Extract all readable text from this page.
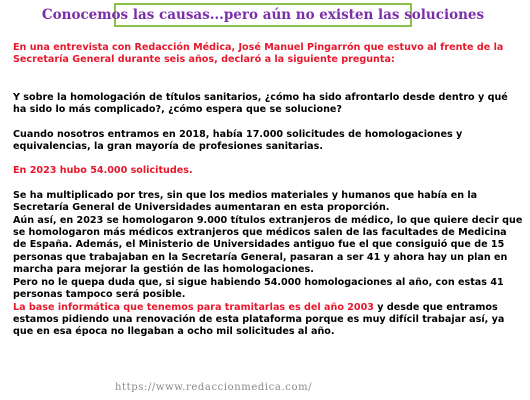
Conocemos las causas...pero aún no existen las soluciones

En una entrevista con Redacción Médica, José Manuel Pingarrón que estuvo al frente de la Secretaría General durante seis años, declaró a la siguiente pregunta:

Y sobre la homologación de títulos sanitarios, ¿cómo ha sido afrontarlo desde dentro y qué ha sido lo más complicado?, ¿cómo espera que se solucione?

Cuando nosotros entramos en 2018, había 17.000 solicitudes de homologaciones y equivalencias, la gran mayoría de profesiones sanitarias.

En 2023 hubo 54.000 solicitudes.

Se ha multiplicado por tres, sin que los medios materiales y humanos que había en la Secretaría General de Universidades aumentaran en esta proporción.

Aún así, en 2023 se homologaron 9.000 títulos extranjeros de médico, lo que quiere decir que se homologaron más médicos extranjeros que médicos salen de las facultades de Medicina de España. Además, el Ministerio de Universidades antiguo fue el que consiguió que de 15 personas que trabajaban en la Secretaría General, pasaran a ser 41 y ahora hay un plan en marcha para mejorar la gestión de las homologaciones.

Pero no le quepa duda que, si sigue habiendo 54.000 homologaciones al año, con estas 41 personas tampoco será posible.

La base informática que tenemos para tramitarlas es del año 2003 y desde que entramos estamos pidiendo una renovación de esta plataforma porque es muy difícil trabajar así, ya que en esa época no llegaban a ocho mil solicitudes al año.

https://www.redaccionmedica.com/
